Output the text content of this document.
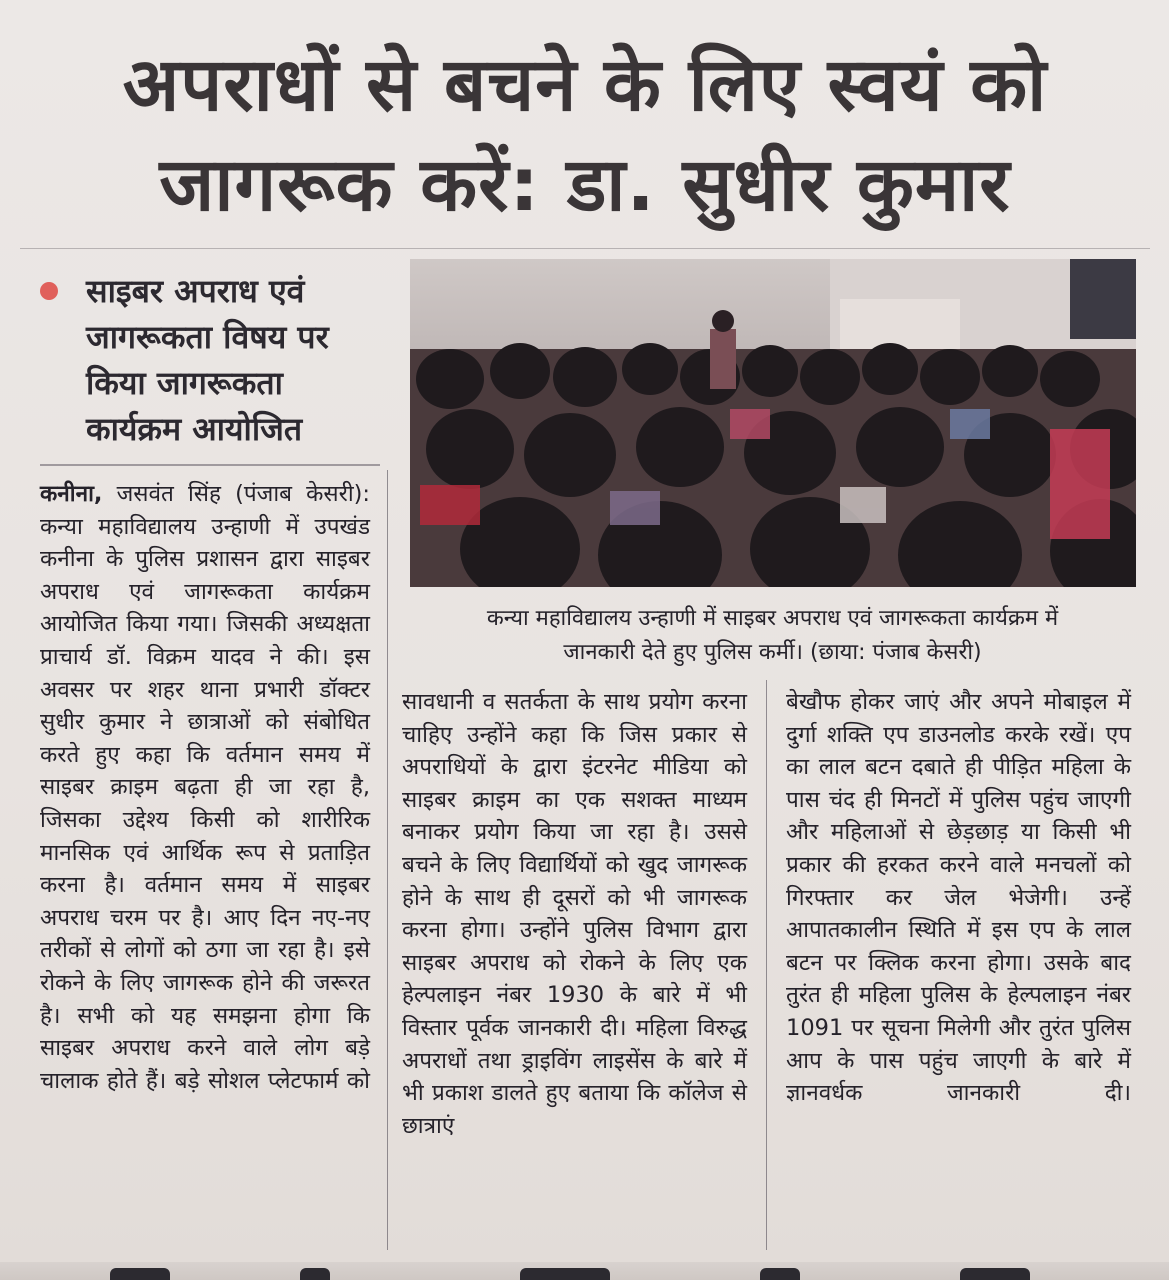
अपराधों से बचने के लिए स्वयं को
जागरूक करें: डा. सुधीर कुमार
साइबर अपराध एवं
जागरूकता विषय पर
किया जागरूकता
कार्यक्रम आयोजित

कनीना, जसवंत सिंह (पंजाब केसरी): कन्या महाविद्यालय उन्हाणी में उपखंड कनीना के पुलिस प्रशासन द्वारा साइबर अपराध एवं जागरूकता कार्यक्रम आयोजित किया गया। जिसकी अध्यक्षता प्राचार्य डॉ. विक्रम यादव ने की। इस अवसर पर शहर थाना प्रभारी डॉक्टर सुधीर कुमार ने छात्राओं को संबोधित करते हुए कहा कि वर्तमान समय में साइबर क्राइम बढ़ता ही जा रहा है, जिसका उद्देश्य किसी को शारीरिक मानसिक एवं आर्थिक रूप से प्रताड़ित करना है। वर्तमान समय में साइबर अपराध चरम पर है। आए दिन नए-नए तरीकों से लोगों को ठगा जा रहा है। इसे रोकने के लिए जागरूक होने की जरूरत है। सभी को यह समझना होगा कि साइबर अपराध करने वाले लोग बड़े चालाक होते हैं। बड़े सोशल प्लेटफार्म को

कन्या महाविद्यालय उन्हाणी में साइबर अपराध एवं जागरूकता कार्यक्रम में
जानकारी देते हुए पुलिस कर्मी। (छाया: पंजाब केसरी)

सावधानी व सतर्कता के साथ प्रयोग करना चाहिए उन्होंने कहा कि जिस प्रकार से अपराधियों के द्वारा इंटरनेट मीडिया को साइबर क्राइम का एक सशक्त माध्यम बनाकर प्रयोग किया जा रहा है। उससे बचने के लिए विद्यार्थियों को खुद जागरूक होने के साथ ही दूसरों को भी जागरूक करना होगा। उन्होंने पुलिस विभाग द्वारा साइबर अपराध को रोकने के लिए एक हेल्पलाइन नंबर 1930 के बारे में भी विस्तार पूर्वक जानकारी दी। महिला विरुद्ध अपराधों तथा ड्राइविंग लाइसेंस के बारे में भी प्रकाश डालते हुए बताया कि कॉलेज से छात्राएं

बेखौफ होकर जाएं और अपने मोबाइल में दुर्गा शक्ति एप डाउनलोड करके रखें। एप का लाल बटन दबाते ही पीड़ित महिला के पास चंद ही मिनटों में पुलिस पहुंच जाएगी और महिलाओं से छेड़छाड़ या किसी भी प्रकार की हरकत करने वाले मनचलों को गिरफ्तार कर जेल भेजेगी। उन्हें आपातकालीन स्थिति में इस एप के लाल बटन पर क्लिक करना होगा। उसके बाद तुरंत ही महिला पुलिस के हेल्पलाइन नंबर 1091 पर सूचना मिलेगी और तुरंत पुलिस आप के पास पहुंच जाएगी के बारे में ज्ञानवर्धक जानकारी दी।
